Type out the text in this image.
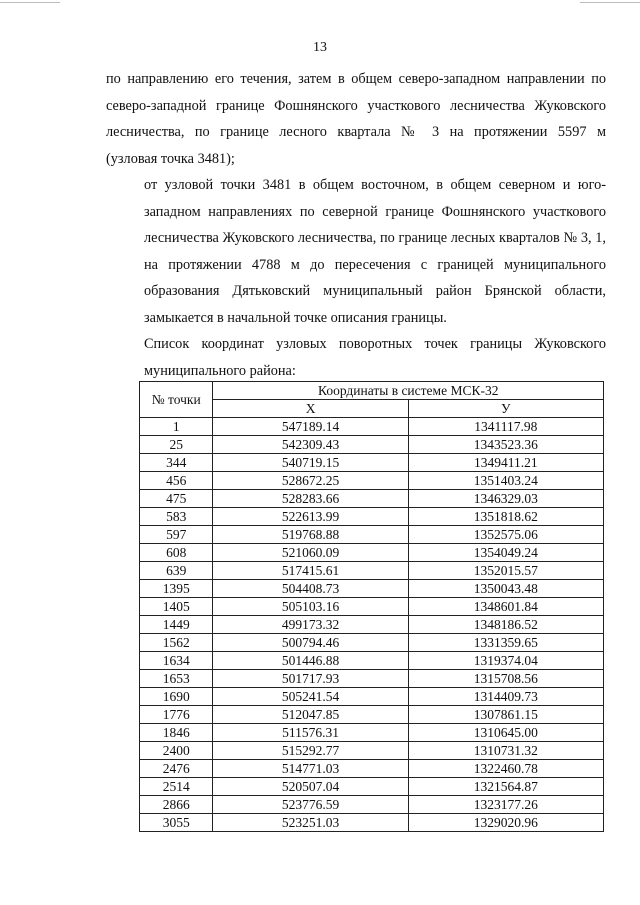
13

по направлению его течения, затем в общем северо-западном направлении по
северо-западной границе Фошнянского участкового лесничества Жуковского
лесничества, по границе лесного квартала № 3 на протяжении 5597 м
(узловая точка 3481);

от узловой точки 3481 в общем восточном, в общем северном и юго-
западном направлениях по северной границе Фошнянского участкового
лесничества Жуковского лесничества, по границе лесных кварталов № 3, 1,
на протяжении 4788 м до пересечения с границей муниципального
образования Дятьковский муниципальный район Брянской области,
замыкается в начальной точке описания границы.

Список координат узловых поворотных точек границы Жуковского
муниципального района:

№ точки	Координаты в системе МСК-32	
	X	У
1	547189.14	1341117.98
25	542309.43	1343523.36
344	540719.15	1349411.21
456	528672.25	1351403.24
475	528283.66	1346329.03
583	522613.99	1351818.62
597	519768.88	1352575.06
608	521060.09	1354049.24
639	517415.61	1352015.57
1395	504408.73	1350043.48
1405	505103.16	1348601.84
1449	499173.32	1348186.52
1562	500794.46	1331359.65
1634	501446.88	1319374.04
1653	501717.93	1315708.56
1690	505241.54	1314409.73
1776	512047.85	1307861.15
1846	511576.31	1310645.00
2400	515292.77	1310731.32
2476	514771.03	1322460.78
2514	520507.04	1321564.87
2866	523776.59	1323177.26
3055	523251.03	1329020.96
